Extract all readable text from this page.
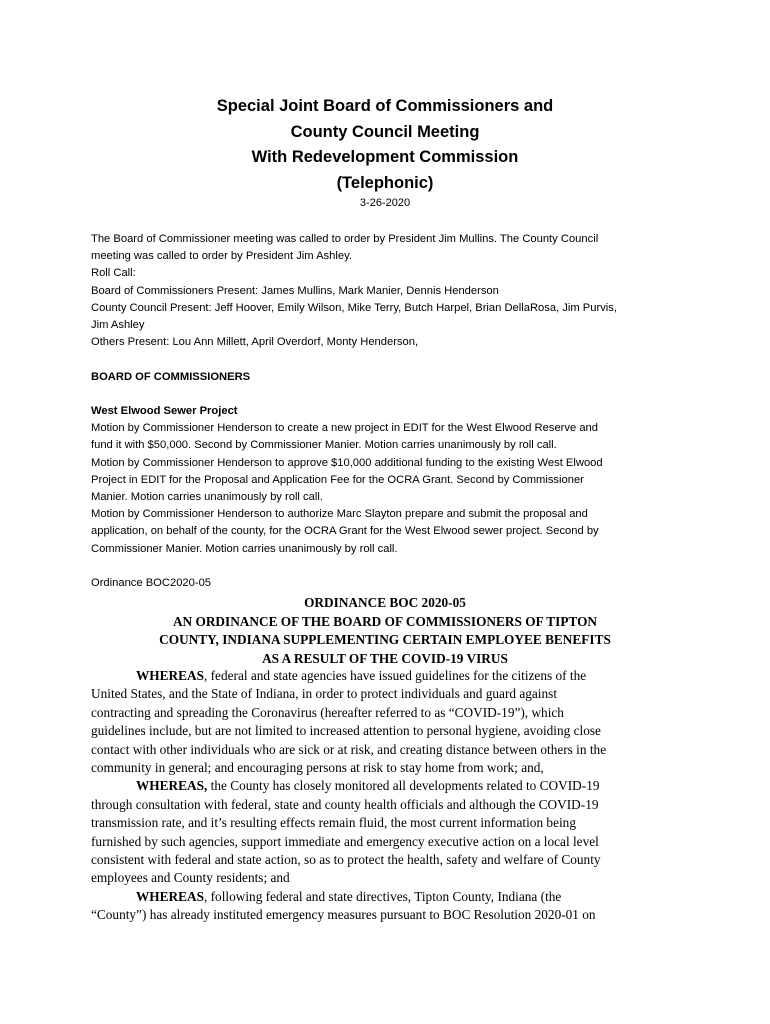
Special Joint Board of Commissioners and
County Council Meeting
With Redevelopment Commission
(Telephonic)
3-26-2020
The Board of Commissioner meeting was called to order by President Jim Mullins. The County Council
meeting was called to order by President Jim Ashley.
Roll Call:
Board of Commissioners Present: James Mullins, Mark Manier, Dennis Henderson
County Council Present: Jeff Hoover, Emily Wilson, Mike Terry, Butch Harpel, Brian DellaRosa, Jim Purvis,
Jim Ashley
Others Present: Lou Ann Millett, April Overdorf, Monty Henderson,
BOARD OF COMMISSIONERS
West Elwood Sewer Project
Motion by Commissioner Henderson to create a new project in EDIT for the West Elwood Reserve and
fund it with $50,000. Second by Commissioner Manier. Motion carries unanimously by roll call.
Motion by Commissioner Henderson to approve $10,000 additional funding to the existing West Elwood
Project in EDIT for the Proposal and Application Fee for the OCRA Grant. Second by Commissioner
Manier. Motion carries unanimously by roll call.
Motion by Commissioner Henderson to authorize Marc Slayton prepare and submit the proposal and
application, on behalf of the county, for the OCRA Grant for the West Elwood sewer project. Second by
Commissioner Manier. Motion carries unanimously by roll call.
Ordinance BOC2020-05
ORDINANCE BOC 2020-05
AN ORDINANCE OF THE BOARD OF COMMISSIONERS OF TIPTON
COUNTY, INDIANA SUPPLEMENTING CERTAIN EMPLOYEE BENEFITS
AS A RESULT OF THE COVID-19 VIRUS
WHEREAS, federal and state agencies have issued guidelines for the citizens of the
United States, and the State of Indiana, in order to protect individuals and guard against
contracting and spreading the Coronavirus (hereafter referred to as “COVID-19”), which
guidelines include, but are not limited to increased attention to personal hygiene, avoiding close
contact with other individuals who are sick or at risk, and creating distance between others in the
community in general; and encouraging persons at risk to stay home from work; and,
WHEREAS, the County has closely monitored all developments related to COVID-19
through consultation with federal, state and county health officials and although the COVID-19
transmission rate, and it’s resulting effects remain fluid, the most current information being
furnished by such agencies, support immediate and emergency executive action on a local level
consistent with federal and state action, so as to protect the health, safety and welfare of County
employees and County residents; and
WHEREAS, following federal and state directives, Tipton County, Indiana (the
“County”) has already instituted emergency measures pursuant to BOC Resolution 2020-01 on
